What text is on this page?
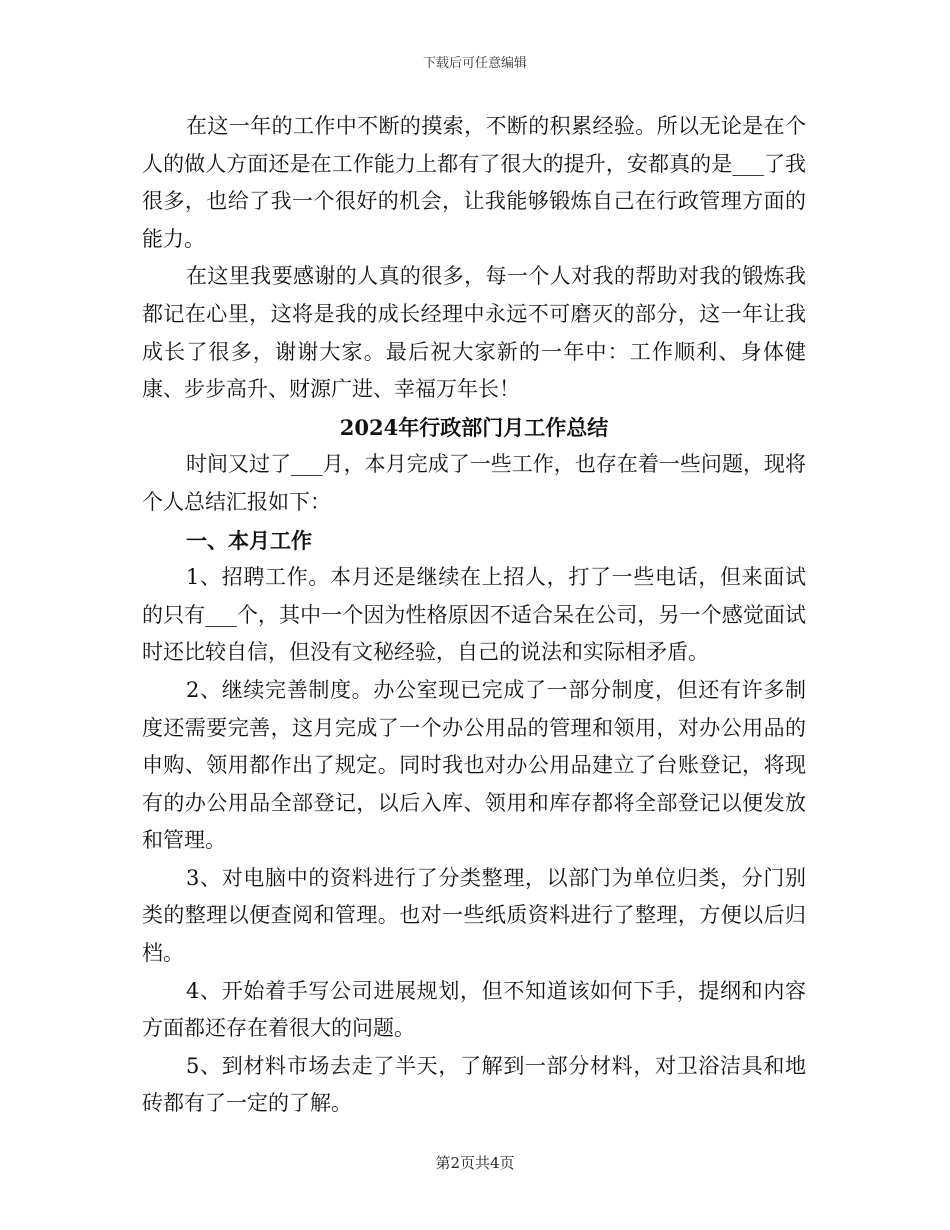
下载后可任意编辑

在这一年的工作中不断的摸索，不断的积累经验。所以无论是在个人的做人方面还是在工作能力上都有了很大的提升，安都真的是___了我很多，也给了我一个很好的机会，让我能够锻炼自己在行政管理方面的能力。

在这里我要感谢的人真的很多，每一个人对我的帮助对我的锻炼我都记在心里，这将是我的成长经理中永远不可磨灭的部分，这一年让我成长了很多，谢谢大家。最后祝大家新的一年中：工作顺利、身体健康、步步高升、财源广进、幸福万年长！

2024年行政部门月工作总结

时间又过了___月，本月完成了一些工作，也存在着一些问题，现将个人总结汇报如下：

一、本月工作

1、招聘工作。本月还是继续在上招人，打了一些电话，但来面试的只有___个，其中一个因为性格原因不适合呆在公司，另一个感觉面试时还比较自信，但没有文秘经验，自己的说法和实际相矛盾。

2、继续完善制度。办公室现已完成了一部分制度，但还有许多制度还需要完善，这月完成了一个办公用品的管理和领用，对办公用品的申购、领用都作出了规定。同时我也对办公用品建立了台账登记，将现有的办公用品全部登记，以后入库、领用和库存都将全部登记以便发放和管理。

3、对电脑中的资料进行了分类整理，以部门为单位归类，分门别类的整理以便查阅和管理。也对一些纸质资料进行了整理，方便以后归档。

4、开始着手写公司进展规划，但不知道该如何下手，提纲和内容方面都还存在着很大的问题。

5、到材料市场去走了半天，了解到一部分材料，对卫浴洁具和地砖都有了一定的了解。

第2页共4页
